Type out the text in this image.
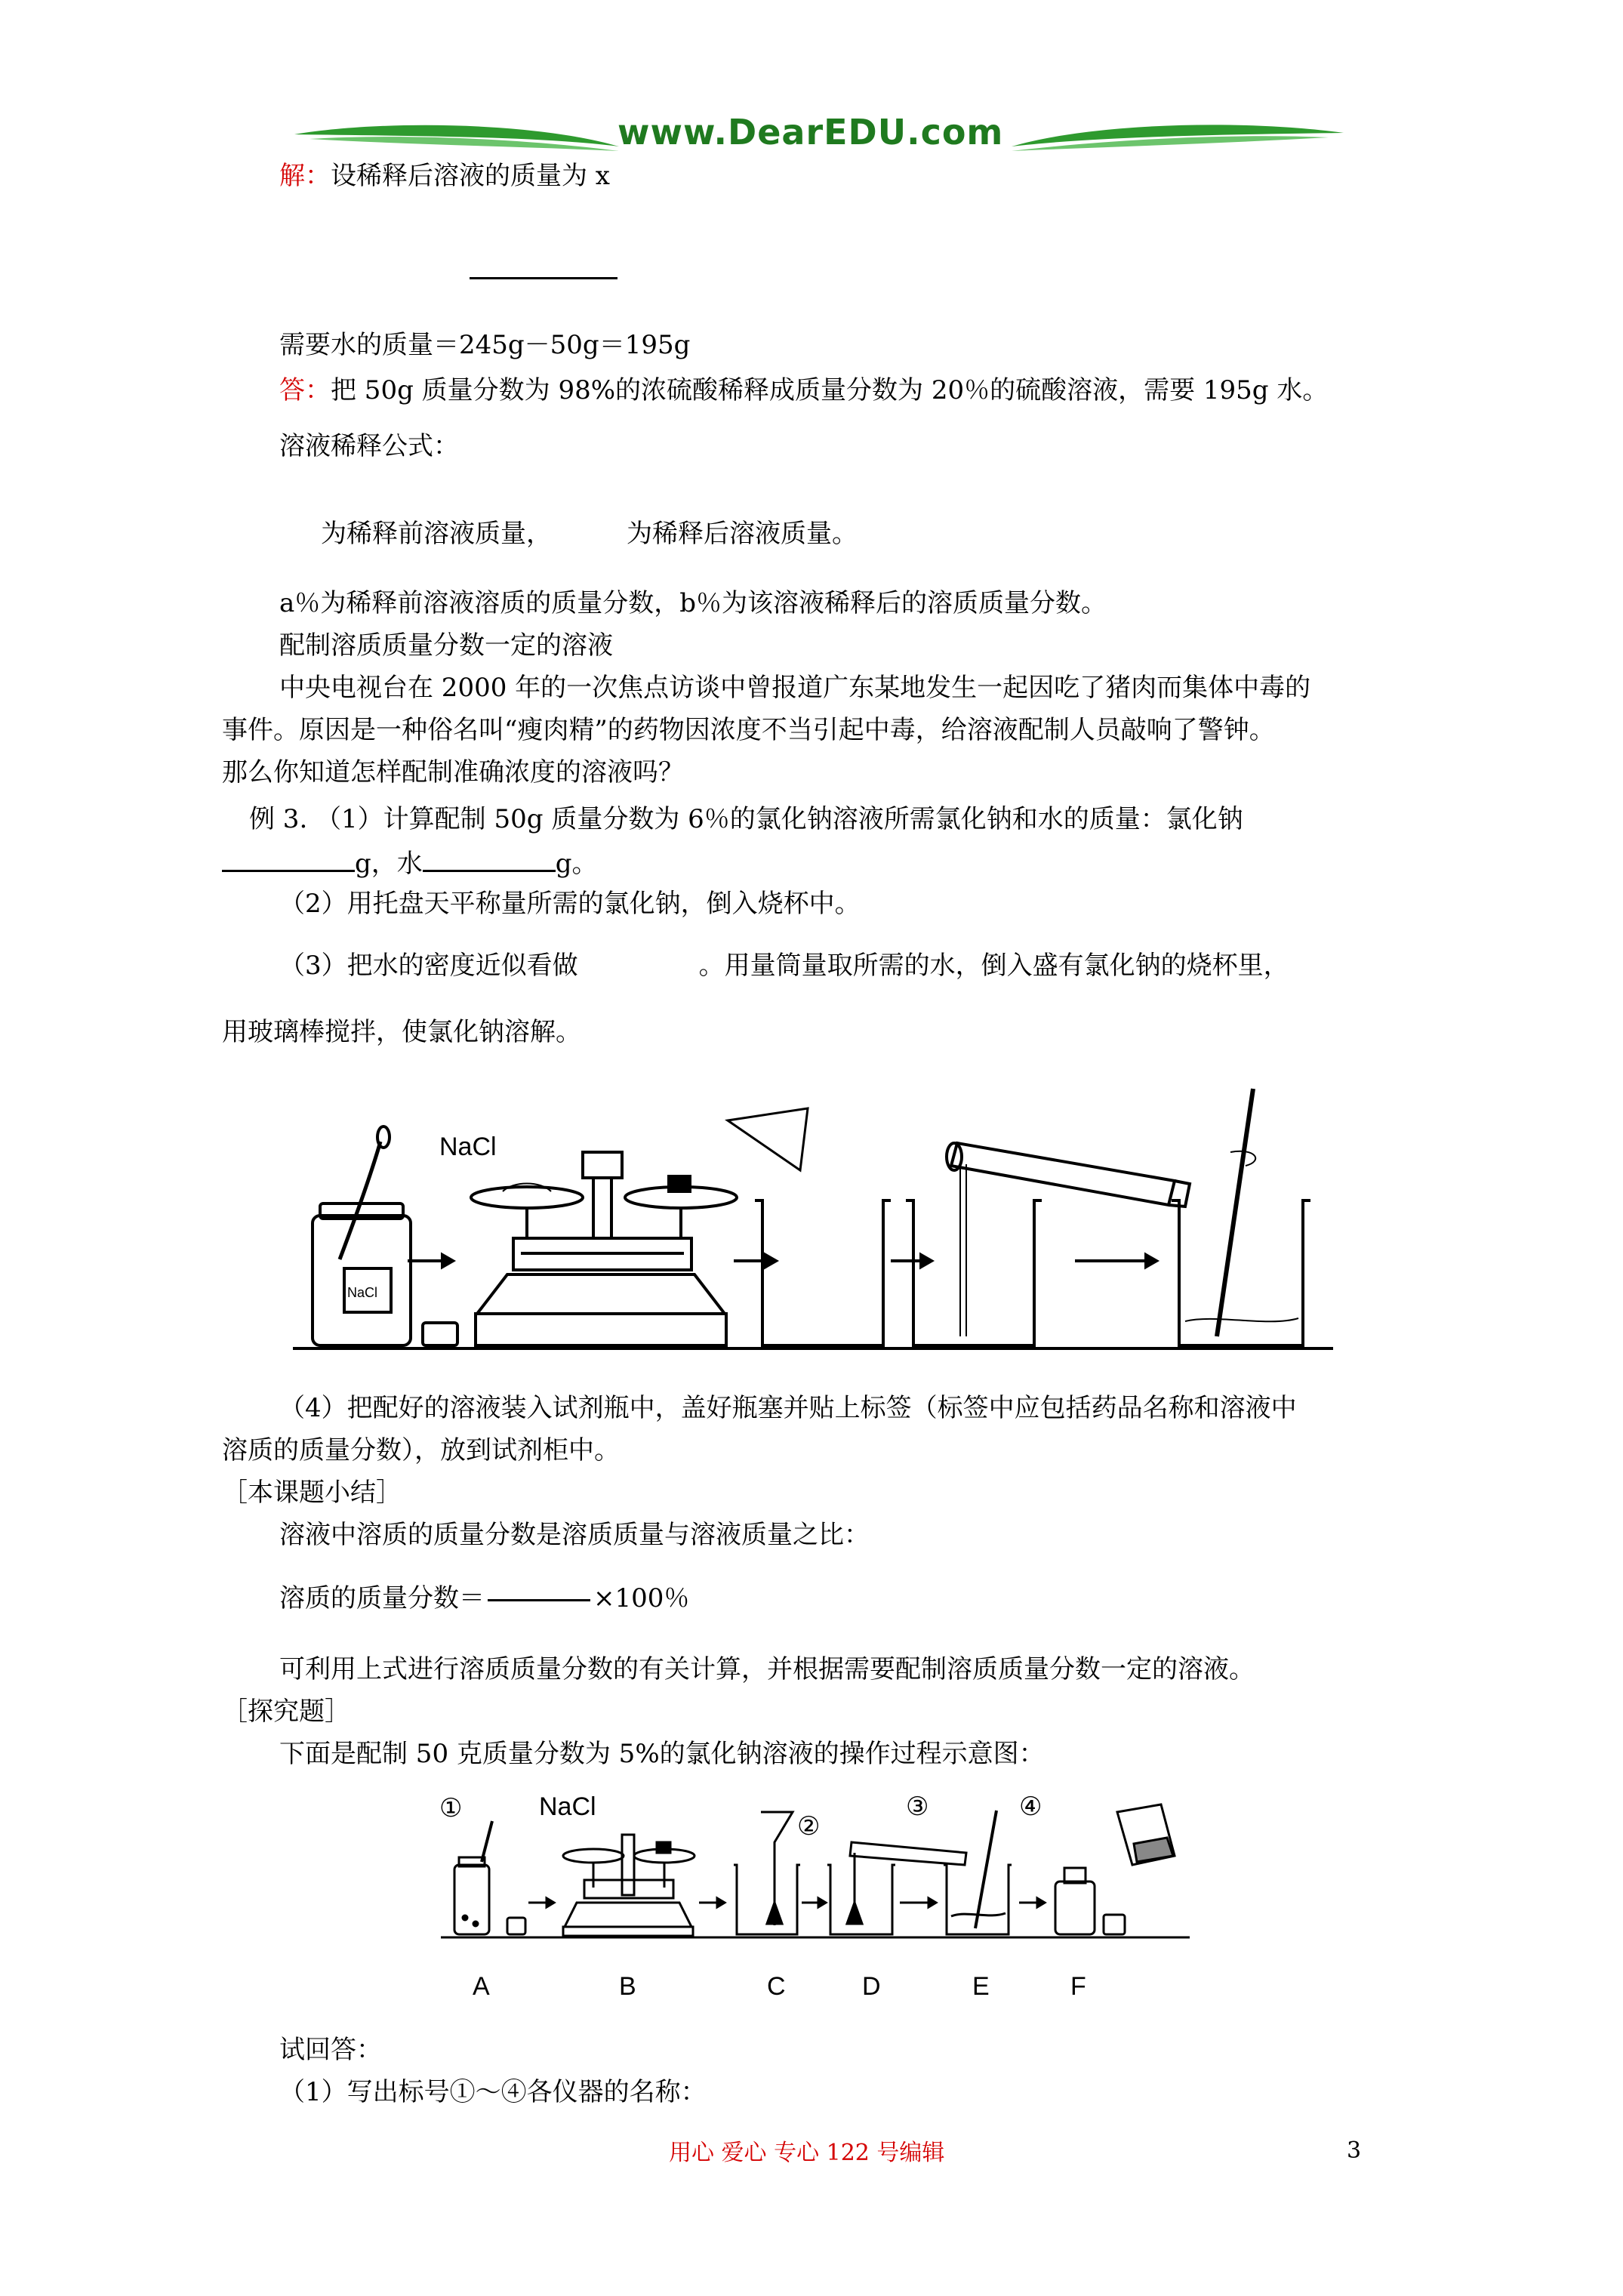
www.DearEDU.com
解：设稀释后溶液的质量为 x
需要水的质量＝245g－50g＝195g
答：把 50g 质量分数为 98%的浓硫酸稀释成质量分数为 20％的硫酸溶液，需要 195g 水。
溶液稀释公式：
为稀释前溶液质量，	为稀释后溶液质量。
a％为稀释前溶液溶质的质量分数，b％为该溶液稀释后的溶质质量分数。
配制溶质质量分数一定的溶液
中央电视台在 2000 年的一次焦点访谈中曾报道广东某地发生一起因吃了猪肉而集体中毒的
事件。原因是一种俗名叫“瘦肉精”的药物因浓度不当引起中毒，给溶液配制人员敲响了警钟。
那么你知道怎样配制准确浓度的溶液吗？
例 3. （1）计算配制 50g 质量分数为 6％的氯化钠溶液所需氯化钠和水的质量：氯化钠
g，水	g。
（2）用托盘天平称量所需的氯化钠，倒入烧杯中。
（3）把水的密度近似看做	。用量筒量取所需的水，倒入盛有氯化钠的烧杯里，
用玻璃棒搅拌，使氯化钠溶解。
NaCl
NaCl
（4）把配好的溶液装入试剂瓶中，盖好瓶塞并贴上标签（标签中应包括药品名称和溶液中
溶质的质量分数），放到试剂柜中。
［本课题小结］
溶液中溶质的质量分数是溶质质量与溶液质量之比：
溶质的质量分数＝	×100％
可利用上式进行溶质质量分数的有关计算，并根据需要配制溶质质量分数一定的溶液。
［探究题］
下面是配制 50 克质量分数为 5%的氯化钠溶液的操作过程示意图：
①	NaCl
②
③	④
A	B	C	D	E	F
试回答：
（1）写出标号①～④各仪器的名称：
用心 爱心 专心 122 号编辑	3
